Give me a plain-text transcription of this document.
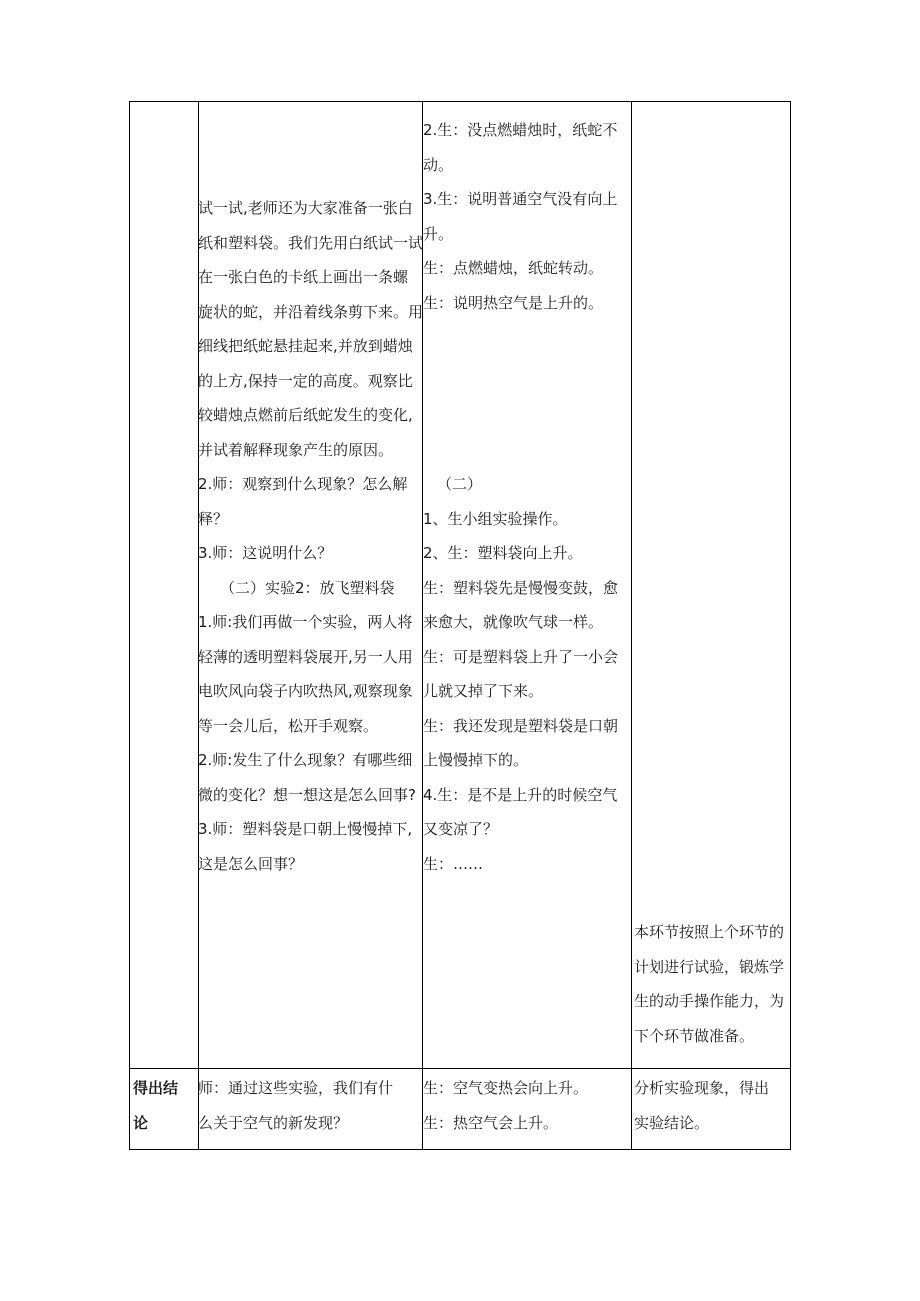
试一试,老师还为大家准备一张白
纸和塑料袋。我们先用白纸试一试
在一张白色的卡纸上画出一条螺
旋状的蛇，并沿着线条剪下来。用
细线把纸蛇悬挂起来,并放到蜡烛
的上方,保持一定的高度。观察比
较蜡烛点燃前后纸蛇发生的变化,
并试着解释现象产生的原因。
2.师：观察到什么现象？怎么解
释？
3.师：这说明什么？
（二）实验2：放飞塑料袋
1.师:我们再做一个实验，两人将
轻薄的透明塑料袋展开,另一人用
电吹风向袋子内吹热风,观察现象
等一会儿后，松开手观察。
2.师:发生了什么现象？有哪些细
微的变化？想一想这是怎么回事?
3.师：塑料袋是口朝上慢慢掉下,
这是怎么回事？
2.生：没点燃蜡烛时，纸蛇不
动。
3.生：说明普通空气没有向上
升。
生：点燃蜡烛，纸蛇转动。
生：说明热空气是上升的。
（二）
1、生小组实验操作。
2、生：塑料袋向上升。
生：塑料袋先是慢慢变鼓，愈
来愈大，就像吹气球一样。
生：可是塑料袋上升了一小会
儿就又掉了下来。
生：我还发现是塑料袋是口朝
上慢慢掉下的。
4.生：是不是上升的时候空气
又变凉了？
生：……
本环节按照上个环节的
计划进行试验，锻炼学
生的动手操作能力，为
下个环节做准备。
得出结
论
师：通过这些实验，我们有什
么关于空气的新发现？
生：空气变热会向上升。
生：热空气会上升。
分析实验现象，得出
实验结论。
